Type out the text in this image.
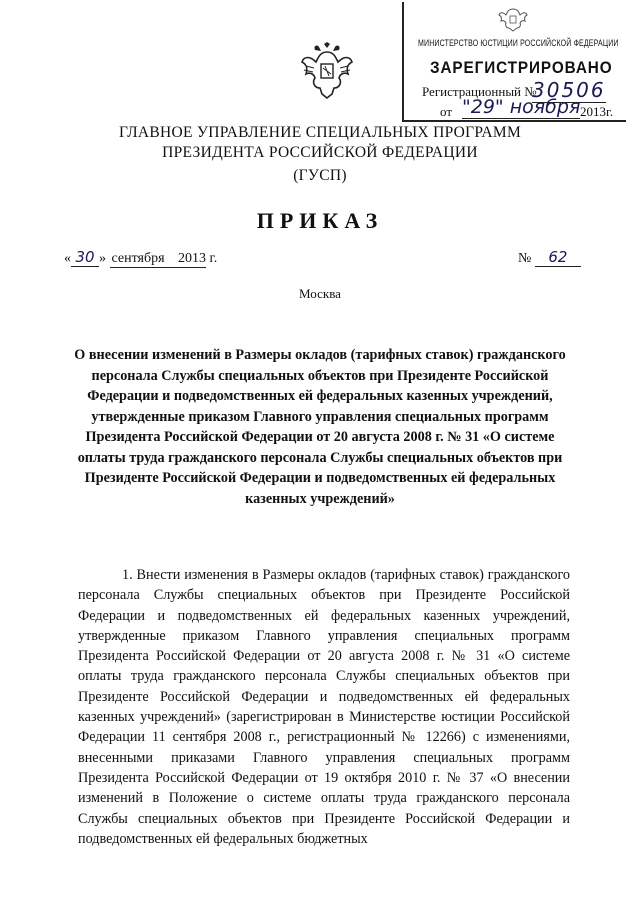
МИНИСТЕРСТВО ЮСТИЦИИ РОССИЙСКОЙ ФЕДЕРАЦИИ
ЗАРЕГИСТРИРОВАНО
Регистрационный №
30506
от "29" ноября 2013г.
ГЛАВНОЕ УПРАВЛЕНИЕ СПЕЦИАЛЬНЫХ ПРОГРАММ
ПРЕЗИДЕНТА РОССИЙСКОЙ ФЕДЕРАЦИИ
(ГУСП)
ПРИКАЗ
« 30 » сентября 2013 г.	№ 62
Москва
О внесении изменений в Размеры окладов (тарифных ставок) гражданского персонала Службы специальных объектов при Президенте Российской Федерации и подведомственных ей федеральных казенных учреждений, утвержденные приказом Главного управления специальных программ Президента Российской Федерации от 20 августа 2008 г. № 31 «О системе оплаты труда гражданского персонала Службы специальных объектов при Президенте Российской Федерации и подведомственных ей федеральных казенных учреждений»
1. Внести изменения в Размеры окладов (тарифных ставок) гражданского персонала Службы специальных объектов при Президенте Российской Федерации и подведомственных ей федеральных казенных учреждений, утвержденные приказом Главного управления специальных программ Президента Российской Федерации от 20 августа 2008 г. № 31 «О системе оплаты труда гражданского персонала Службы специальных объектов при Президенте Российской Федерации и подведомственных ей федеральных казенных учреждений» (зарегистрирован в Министерстве юстиции Российской Федерации 11 сентября 2008 г., регистрационный № 12266) с изменениями, внесенными приказами Главного управления специальных программ Президента Российской Федерации от 19 октября 2010 г. № 37 «О внесении изменений в Положение о системе оплаты труда гражданского персонала Службы специальных объектов при Президенте Российской Федерации и подведомственных ей федеральных бюджетных
